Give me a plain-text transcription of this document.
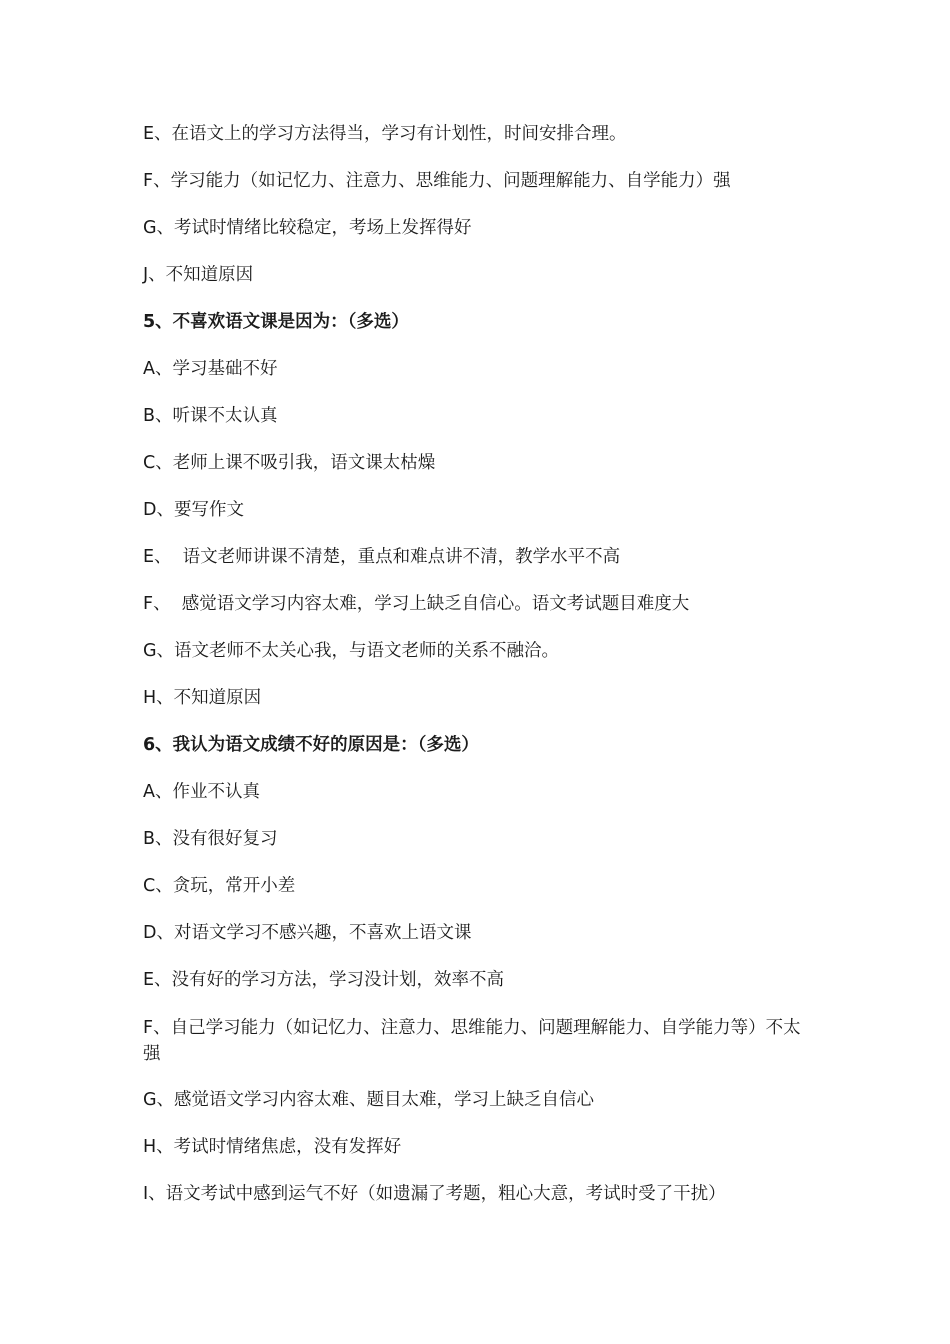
E、在语文上的学习方法得当，学习有计划性，时间安排合理。

F、学习能力（如记忆力、注意力、思维能力、问题理解能力、自学能力）强

G、考试时情绪比较稳定，考场上发挥得好

J、不知道原因

5、不喜欢语文课是因为：（多选）

A、学习基础不好

B、听课不太认真

C、老师上课不吸引我，语文课太枯燥

D、要写作文

E、  语文老师讲课不清楚，重点和难点讲不清，教学水平不高

F、  感觉语文学习内容太难，学习上缺乏自信心。语文考试题目难度大

G、语文老师不太关心我，与语文老师的关系不融洽。

H、不知道原因

6、我认为语文成绩不好的原因是：（多选）

A、作业不认真

B、没有很好复习

C、贪玩，常开小差

D、对语文学习不感兴趣，不喜欢上语文课

E、没有好的学习方法，学习没计划，效率不高

F、自己学习能力（如记忆力、注意力、思维能力、问题理解能力、自学能力等）不太强

G、感觉语文学习内容太难、题目太难，学习上缺乏自信心

H、考试时情绪焦虑，没有发挥好

I、语文考试中感到运气不好（如遗漏了考题，粗心大意，考试时受了干扰）
